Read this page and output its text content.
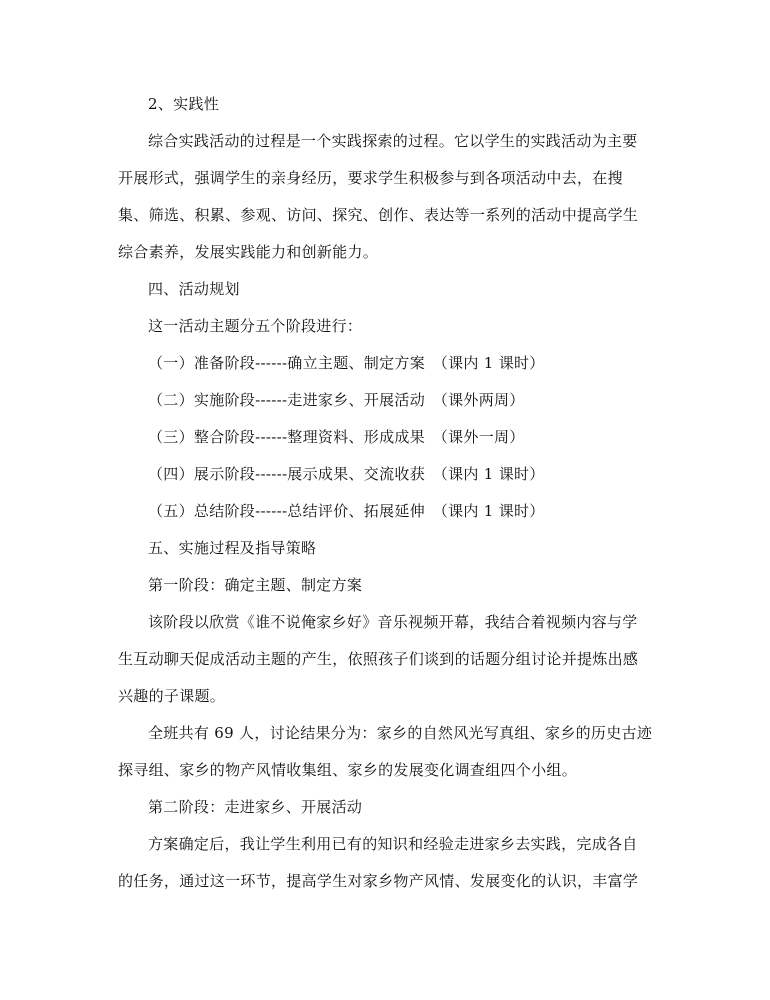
2、实践性
综合实践活动的过程是一个实践探索的过程。它以学生的实践活动为主要
开展形式，强调学生的亲身经历，要求学生积极参与到各项活动中去，在搜
集、筛选、积累、参观、访问、探究、创作、表达等一系列的活动中提高学生
综合素养，发展实践能力和创新能力。
四、活动规划
这一活动主题分五个阶段进行：
（一）准备阶段------确立主题、制定方案　（课内 1 课时）
（二）实施阶段------走进家乡、开展活动　（课外两周）
（三）整合阶段------整理资料、形成成果　（课外一周）
（四）展示阶段------展示成果、交流收获　（课内 1 课时）
（五）总结阶段------总结评价、拓展延伸　（课内 1 课时）
五、实施过程及指导策略
第一阶段：确定主题、制定方案
该阶段以欣赏《谁不说俺家乡好》音乐视频开幕，我结合着视频内容与学
生互动聊天促成活动主题的产生，依照孩子们谈到的话题分组讨论并提炼出感
兴趣的子课题。
全班共有 69 人，讨论结果分为：家乡的自然风光写真组、家乡的历史古迹
探寻组、家乡的物产风情收集组、家乡的发展变化调查组四个小组。
第二阶段：走进家乡、开展活动
方案确定后，我让学生利用已有的知识和经验走进家乡去实践，完成各自
的任务，通过这一环节，提高学生对家乡物产风情、发展变化的认识，丰富学
